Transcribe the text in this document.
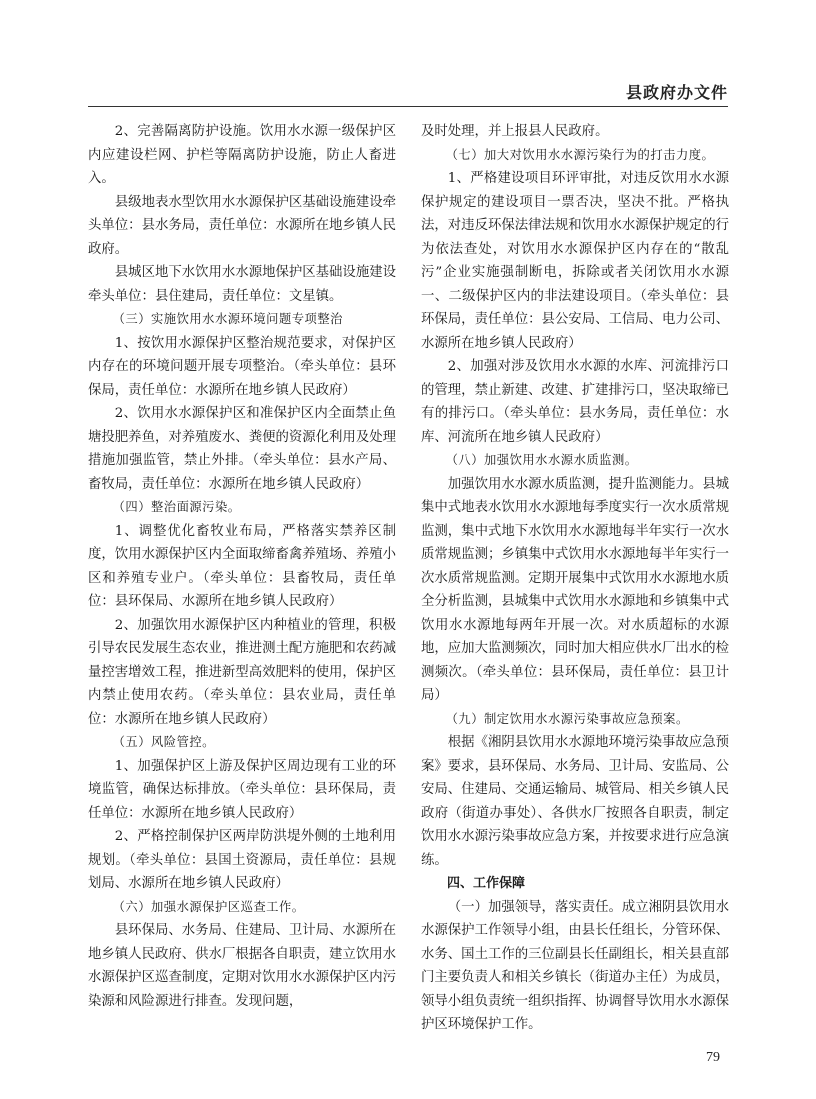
县政府办文件

2、完善隔离防护设施。饮用水水源一级保护区内应建设栏网、护栏等隔离防护设施，防止人畜进入。

县级地表水型饮用水水源保护区基础设施建设牵头单位：县水务局，责任单位：水源所在地乡镇人民政府。

县城区地下水饮用水水源地保护区基础设施建设牵头单位：县住建局，责任单位：文星镇。

（三）实施饮用水水源环境问题专项整治

1、按饮用水源保护区整治规范要求，对保护区内存在的环境问题开展专项整治。（牵头单位：县环保局，责任单位：水源所在地乡镇人民政府）

2、饮用水水源保护区和准保护区内全面禁止鱼塘投肥养鱼，对养殖废水、粪便的资源化利用及处理措施加强监管，禁止外排。（牵头单位：县水产局、畜牧局，责任单位：水源所在地乡镇人民政府）

（四）整治面源污染。

1、调整优化畜牧业布局，严格落实禁养区制度，饮用水源保护区内全面取缔畜禽养殖场、养殖小区和养殖专业户。（牵头单位：县畜牧局，责任单位：县环保局、水源所在地乡镇人民政府）

2、加强饮用水源保护区内种植业的管理，积极引导农民发展生态农业，推进测土配方施肥和农药减量控害增效工程，推进新型高效肥料的使用，保护区内禁止使用农药。（牵头单位：县农业局，责任单位：水源所在地乡镇人民政府）

（五）风险管控。

1、加强保护区上游及保护区周边现有工业的环境监管，确保达标排放。（牵头单位：县环保局，责任单位：水源所在地乡镇人民政府）

2、严格控制保护区两岸防洪堤外侧的土地利用规划。（牵头单位：县国土资源局，责任单位：县规划局、水源所在地乡镇人民政府）

（六）加强水源保护区巡查工作。

县环保局、水务局、住建局、卫计局、水源所在地乡镇人民政府、供水厂根据各自职责，建立饮用水水源保护区巡查制度，定期对饮用水水源保护区内污染源和风险源进行排查。发现问题，

及时处理，并上报县人民政府。

（七）加大对饮用水水源污染行为的打击力度。

1、严格建设项目环评审批，对违反饮用水水源保护规定的建设项目一票否决，坚决不批。严格执法，对违反环保法律法规和饮用水水源保护规定的行为依法查处，对饮用水水源保护区内存在的“散乱污”企业实施强制断电，拆除或者关闭饮用水水源一、二级保护区内的非法建设项目。（牵头单位：县环保局，责任单位：县公安局、工信局、电力公司、水源所在地乡镇人民政府）

2、加强对涉及饮用水水源的水库、河流排污口的管理，禁止新建、改建、扩建排污口，坚决取缔已有的排污口。（牵头单位：县水务局，责任单位：水库、河流所在地乡镇人民政府）

（八）加强饮用水水源水质监测。

加强饮用水水源水质监测，提升监测能力。县城集中式地表水饮用水水源地每季度实行一次水质常规监测，集中式地下水饮用水水源地每半年实行一次水质常规监测；乡镇集中式饮用水水源地每半年实行一次水质常规监测。定期开展集中式饮用水水源地水质全分析监测，县城集中式饮用水水源地和乡镇集中式饮用水水源地每两年开展一次。对水质超标的水源地，应加大监测频次，同时加大相应供水厂出水的检测频次。（牵头单位：县环保局，责任单位：县卫计局）

（九）制定饮用水水源污染事故应急预案。

根据《湘阴县饮用水水源地环境污染事故应急预案》要求，县环保局、水务局、卫计局、安监局、公安局、住建局、交通运输局、城管局、相关乡镇人民政府（街道办事处）、各供水厂按照各自职责，制定饮用水水源污染事故应急方案，并按要求进行应急演练。

四、工作保障

（一）加强领导，落实责任。成立湘阴县饮用水水源保护工作领导小组，由县长任组长，分管环保、水务、国土工作的三位副县长任副组长，相关县直部门主要负责人和相关乡镇长（街道办主任）为成员，领导小组负责统一组织指挥、协调督导饮用水水源保护区环境保护工作。

79
